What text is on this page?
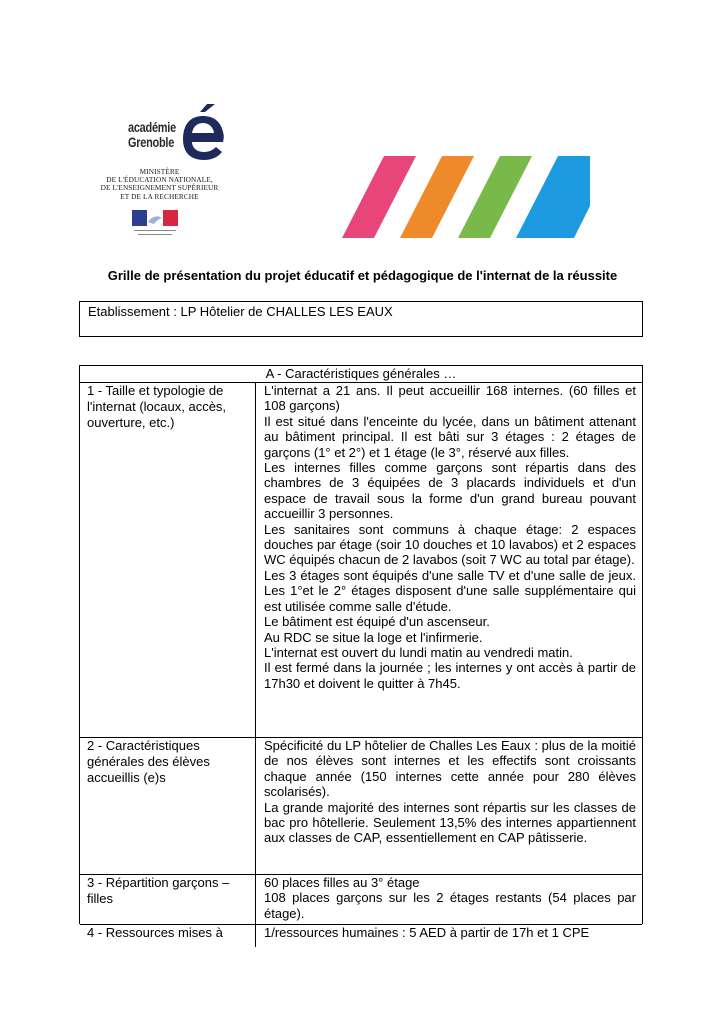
académie
Grenoble
MINISTÈRE
DE L'ÉDUCATION NATIONALE,
DE L'ENSEIGNEMENT SUPÉRIEUR
ET DE LA RECHERCHE
Grille de présentation du projet éducatif et pédagogique de l'internat de la réussite
Etablissement : LP Hôtelier de CHALLES LES EAUX
A - Caractéristiques générales …
1 - Taille et typologie de l'internat (locaux, accès, ouverture, etc.)

L'internat a 21 ans. Il peut accueillir 168 internes. (60 filles et 108 garçons)

Il est situé dans l'enceinte du lycée, dans un bâtiment attenant au bâtiment principal. Il est bâti sur 3 étages : 2 étages de garçons (1° et 2°) et 1 étage (le 3°, réservé aux filles.

Les internes filles comme garçons sont répartis dans des chambres de 3 équipées de 3 placards individuels et d'un espace de travail sous la forme d'un grand bureau pouvant accueillir 3 personnes.

Les sanitaires sont communs à chaque étage: 2 espaces douches par étage (soir 10 douches et 10 lavabos) et 2 espaces WC équipés chacun de 2 lavabos (soit 7 WC au total par étage).

Les 3 étages sont équipés d'une salle TV et d'une salle de jeux. Les 1°et le 2° étages disposent d'une salle supplémentaire qui est utilisée comme salle d'étude.

Le bâtiment est équipé d'un ascenseur.

Au RDC se situe la loge et l'infirmerie.

L'internat est ouvert du lundi matin au vendredi matin.

Il est fermé dans la journée ; les internes y ont accès à partir de 17h30 et doivent le quitter à 7h45.

2 - Caractéristiques générales des élèves accueillis (e)s

Spécificité du LP hôtelier de Challes Les Eaux : plus de la moitié de nos élèves sont internes et les effectifs sont croissants chaque année (150 internes cette année pour 280 élèves scolarisés).

La grande majorité des internes sont répartis sur les classes de bac pro hôtellerie. Seulement 13,5% des internes appartiennent aux classes de CAP, essentiellement en CAP pâtisserie.

3 - Répartition garçons – filles

60 places filles au 3° étage

108 places garçons sur les 2 étages restants (54 places par étage).

4 - Ressources mises à	1/ressources humaines : 5 AED à partir de 17h et 1 CPE
